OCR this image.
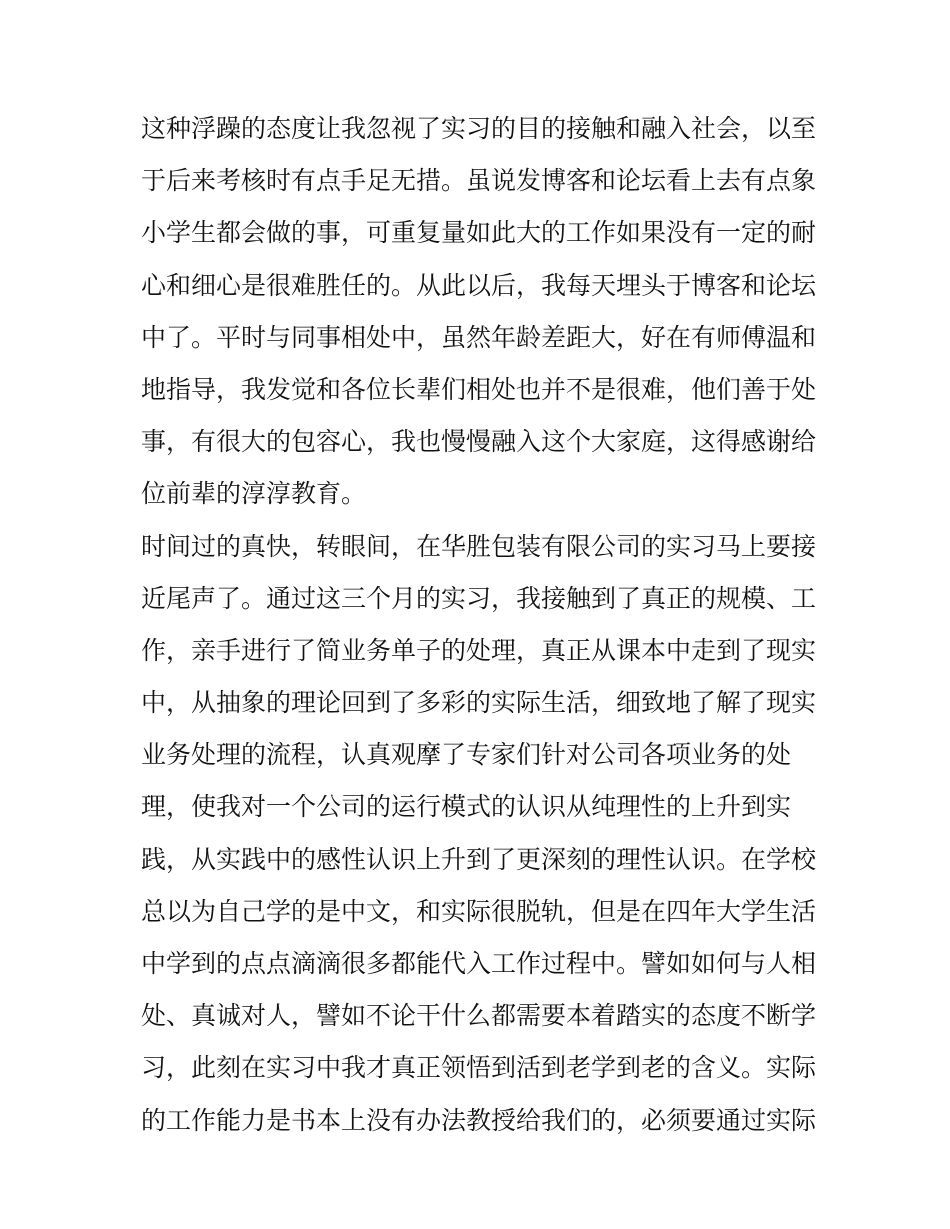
这种浮躁的态度让我忽视了实习的目的接触和融入社会，以至
于后来考核时有点手足无措。虽说发博客和论坛看上去有点象
小学生都会做的事，可重复量如此大的工作如果没有一定的耐
心和细心是很难胜任的。从此以后，我每天埋头于博客和论坛
中了。平时与同事相处中，虽然年龄差距大，好在有师傅温和
地指导，我发觉和各位长辈们相处也并不是很难，他们善于处
事，有很大的包容心，我也慢慢融入这个大家庭，这得感谢给
位前辈的淳淳教育。
时间过的真快，转眼间，在华胜包装有限公司的实习马上要接
近尾声了。通过这三个月的实习，我接触到了真正的规模、工
作，亲手进行了简业务单子的处理，真正从课本中走到了现实
中，从抽象的理论回到了多彩的实际生活，细致地了解了现实
业务处理的流程，认真观摩了专家们针对公司各项业务的处
理，使我对一个公司的运行模式的认识从纯理性的上升到实
践，从实践中的感性认识上升到了更深刻的理性认识。在学校
总以为自己学的是中文，和实际很脱轨，但是在四年大学生活
中学到的点点滴滴很多都能代入工作过程中。譬如如何与人相
处、真诚对人，譬如不论干什么都需要本着踏实的态度不断学
习，此刻在实习中我才真正领悟到活到老学到老的含义。实际
的工作能力是书本上没有办法教授给我们的，必须要通过实际
